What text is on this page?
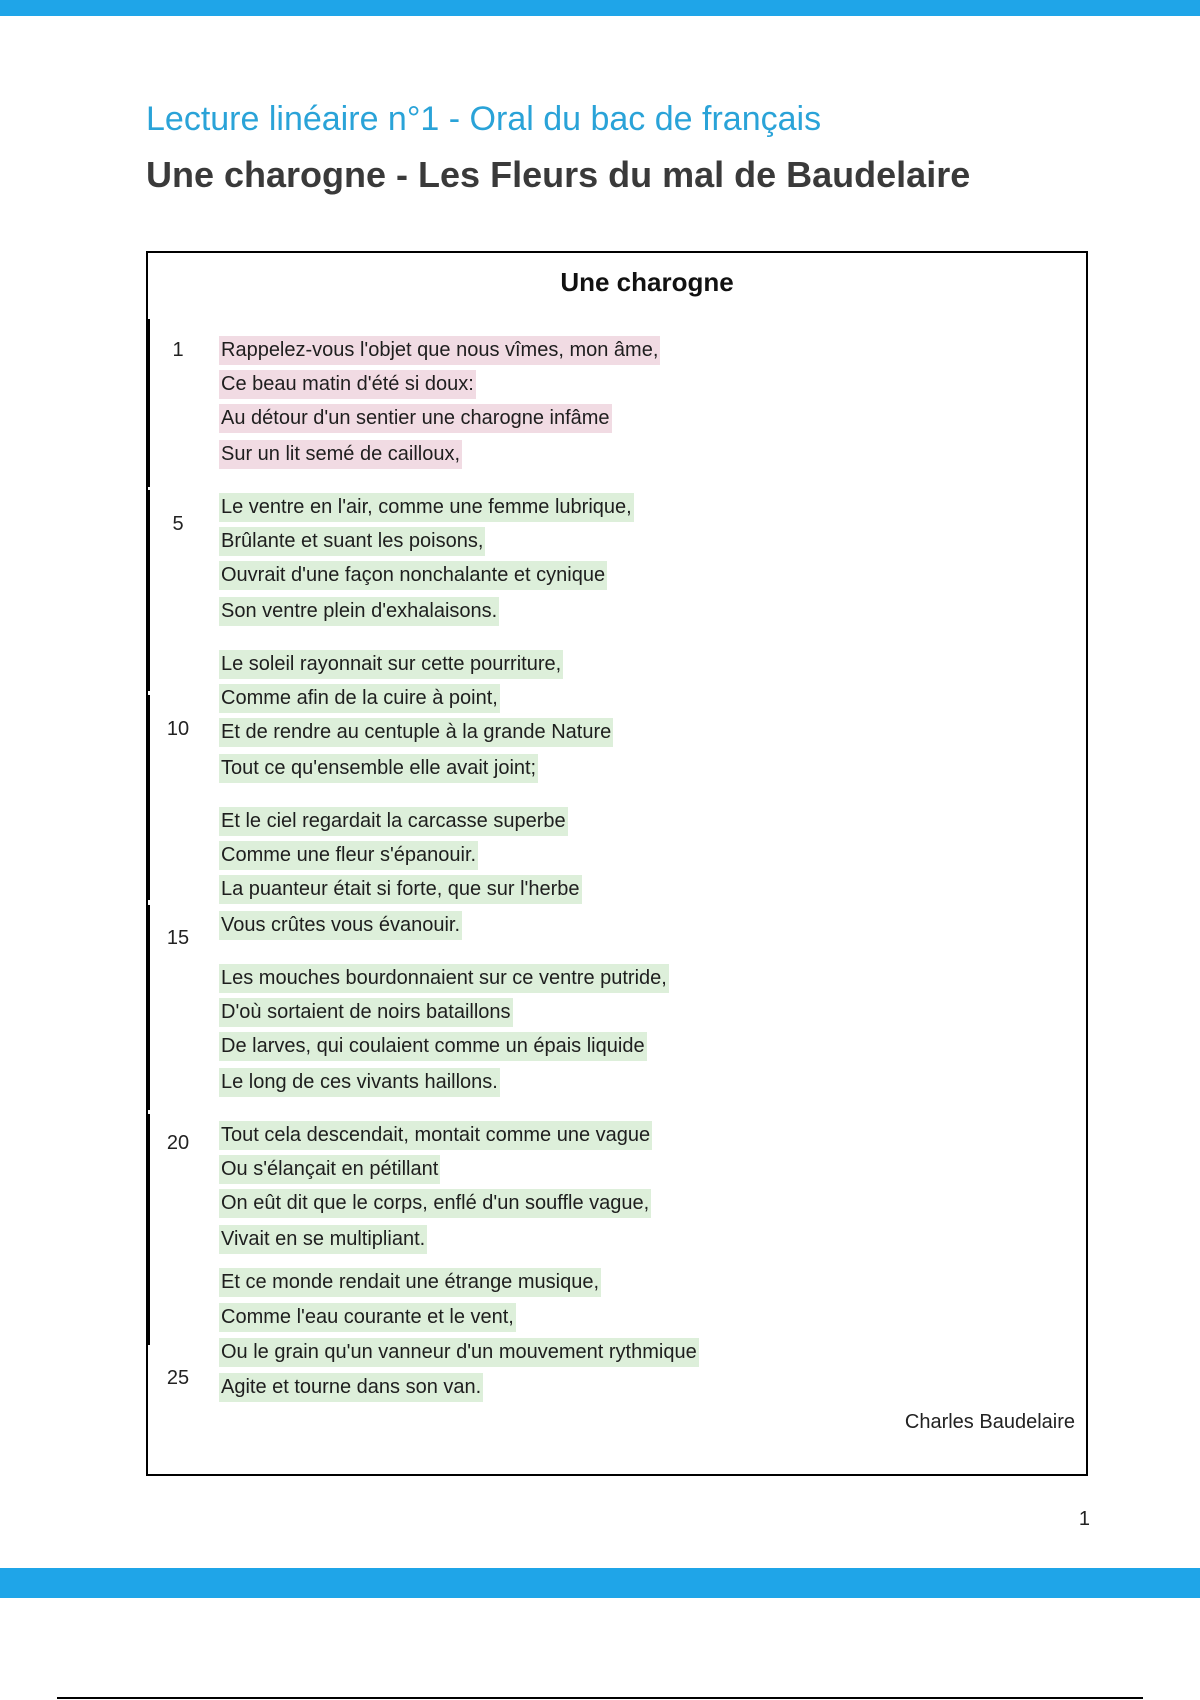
Lecture linéaire n°1 - Oral du bac de français
Une charogne - Les Fleurs du mal de Baudelaire
Une charogne
1
5
10
15
20
25
Rappelez-vous l'objet que nous vîmes, mon âme,
Ce beau matin d'été si doux:
Au détour d'un sentier une charogne infâme
Sur un lit semé de cailloux,
Le ventre en l'air, comme une femme lubrique,
Brûlante et suant les poisons,
Ouvrait d'une façon nonchalante et cynique
Son ventre plein d'exhalaisons.
Le soleil rayonnait sur cette pourriture,
Comme afin de la cuire à point,
Et de rendre au centuple à la grande Nature
Tout ce qu'ensemble elle avait joint;
Et le ciel regardait la carcasse superbe
Comme une fleur s'épanouir.
La puanteur était si forte, que sur l'herbe
Vous crûtes vous évanouir.
Les mouches bourdonnaient sur ce ventre putride,
D'où sortaient de noirs bataillons
De larves, qui coulaient comme un épais liquide
Le long de ces vivants haillons.
Tout cela descendait, montait comme une vague
Ou s'élançait en pétillant
On eût dit que le corps, enflé d'un souffle vague,
Vivait en se multipliant.
Et ce monde rendait une étrange musique,
Comme l'eau courante et le vent,
Ou le grain qu'un vanneur d'un mouvement rythmique
Agite et tourne dans son van.
Charles Baudelaire
1
